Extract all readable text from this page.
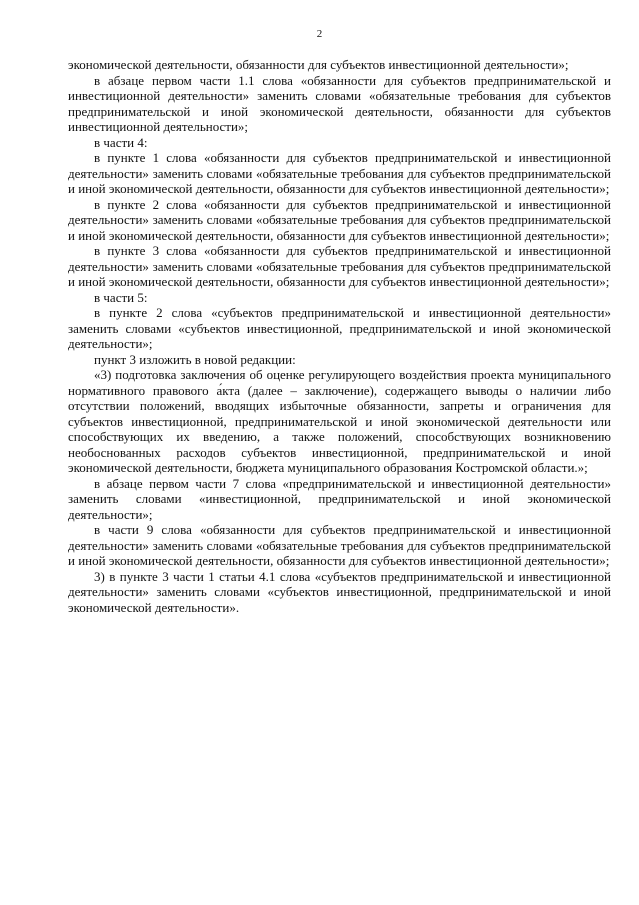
2

экономической деятельности, обязанности для субъектов инвестиционной деятельности»;

в абзаце первом части 1.1 слова «обязанности для субъектов предпринимательской и инвестиционной деятельности» заменить словами «обязательные требования для субъектов предпринимательской и иной экономической деятельности, обязанности для субъектов инвестиционной деятельности»;

в части 4:

в пункте 1 слова «обязанности для субъектов предпринимательской и инвестиционной деятельности» заменить словами «обязательные требования для субъектов предпринимательской и иной экономической деятельности, обязанности для субъектов инвестиционной деятельности»;

в пункте 2 слова «обязанности для субъектов предпринимательской и инвестиционной деятельности» заменить словами «обязательные требования для субъектов предпринимательской и иной экономической деятельности, обязанности для субъектов инвестиционной деятельности»;

в пункте 3 слова «обязанности для субъектов предпринимательской и инвестиционной деятельности» заменить словами «обязательные требования для субъектов предпринимательской и иной экономической деятельности, обязанности для субъектов инвестиционной деятельности»;

в части 5:

в пункте 2 слова «субъектов предпринимательской и инвестиционной деятельности» заменить словами «субъектов инвестиционной, предпринимательской и иной экономической деятельности»;

пункт 3 изложить в новой редакции:

«3) подготовка заключения об оценке регулирующего воздействия проекта муниципального нормативного правового а́кта (далее – заключение), содержащего выводы о наличии либо отсутствии положений, вводящих избыточные обязанности, запреты и ограничения для субъектов инвестиционной, предпринимательской и иной экономической деятельности или способствующих их введению, а также положений, способствующих возникновению необоснованных расходов субъектов инвестиционной, предпринимательской и иной экономической деятельности, бюджета муниципального образования Костромской области.»;

в абзаце первом части 7 слова «предпринимательской и инвестиционной деятельности» заменить словами «инвестиционной, предпринимательской и иной экономической деятельности»;

в части 9 слова «обязанности для субъектов предпринимательской и инвестиционной деятельности» заменить словами «обязательные требования для субъектов предпринимательской и иной экономической деятельности, обязанности для субъектов инвестиционной деятельности»;

3) в пункте 3 части 1 статьи 4.1 слова «субъектов предпринимательской и инвестиционной деятельности» заменить словами «субъектов инвестиционной, предпринимательской и иной экономической деятельности».
